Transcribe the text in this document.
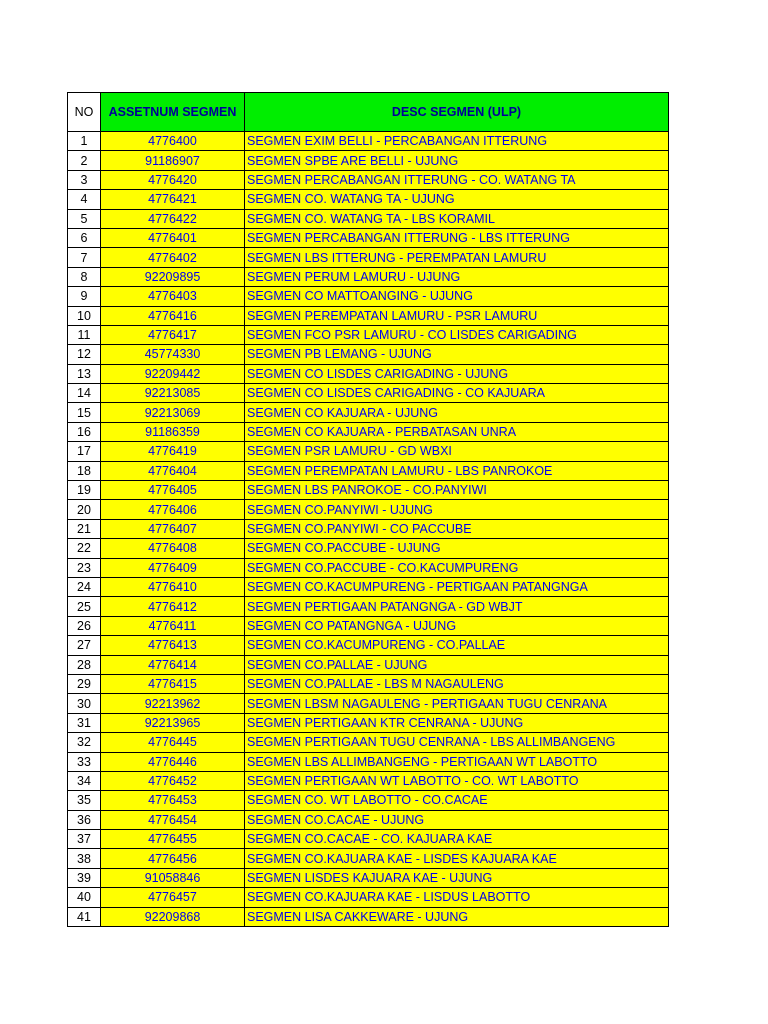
NO	ASSETNUM SEGMEN	DESC SEGMEN (ULP)
1	4776400	SEGMEN EXIM BELLI - PERCABANGAN ITTERUNG
2	91186907	SEGMEN SPBE ARE BELLI - UJUNG
3	4776420	SEGMEN PERCABANGAN ITTERUNG - CO. WATANG TA
4	4776421	SEGMEN CO. WATANG TA - UJUNG
5	4776422	SEGMEN CO. WATANG TA - LBS KORAMIL
6	4776401	SEGMEN PERCABANGAN ITTERUNG - LBS ITTERUNG
7	4776402	SEGMEN LBS ITTERUNG - PEREMPATAN LAMURU
8	92209895	SEGMEN PERUM LAMURU - UJUNG
9	4776403	SEGMEN CO MATTOANGING - UJUNG
10	4776416	SEGMEN PEREMPATAN LAMURU - PSR LAMURU
11	4776417	SEGMEN FCO PSR LAMURU - CO LISDES CARIGADING
12	45774330	SEGMEN PB LEMANG - UJUNG
13	92209442	SEGMEN CO LISDES CARIGADING - UJUNG
14	92213085	SEGMEN CO LISDES CARIGADING - CO KAJUARA
15	92213069	SEGMEN CO KAJUARA - UJUNG
16	91186359	SEGMEN CO KAJUARA - PERBATASAN UNRA
17	4776419	SEGMEN PSR LAMURU - GD WBXI
18	4776404	SEGMEN PEREMPATAN LAMURU - LBS PANROKOE
19	4776405	SEGMEN LBS PANROKOE - CO.PANYIWI
20	4776406	SEGMEN CO.PANYIWI - UJUNG
21	4776407	SEGMEN CO.PANYIWI - CO PACCUBE
22	4776408	SEGMEN CO.PACCUBE - UJUNG
23	4776409	SEGMEN CO.PACCUBE - CO.KACUMPURENG
24	4776410	SEGMEN CO.KACUMPURENG - PERTIGAAN PATANGNGA
25	4776412	SEGMEN PERTIGAAN PATANGNGA - GD WBJT
26	4776411	SEGMEN CO PATANGNGA - UJUNG
27	4776413	SEGMEN CO.KACUMPURENG - CO.PALLAE
28	4776414	SEGMEN CO.PALLAE - UJUNG
29	4776415	SEGMEN CO.PALLAE - LBS M NAGAULENG
30	92213962	SEGMEN LBSM NAGAULENG - PERTIGAAN TUGU CENRANA
31	92213965	SEGMEN PERTIGAAN KTR CENRANA - UJUNG
32	4776445	SEGMEN PERTIGAAN TUGU CENRANA - LBS ALLIMBANGENG
33	4776446	SEGMEN LBS ALLIMBANGENG - PERTIGAAN WT LABOTTO
34	4776452	SEGMEN PERTIGAAN WT LABOTTO - CO. WT LABOTTO
35	4776453	SEGMEN CO. WT LABOTTO - CO.CACAE
36	4776454	SEGMEN CO.CACAE - UJUNG
37	4776455	SEGMEN CO.CACAE - CO. KAJUARA KAE
38	4776456	SEGMEN CO.KAJUARA KAE - LISDES KAJUARA KAE
39	91058846	SEGMEN LISDES KAJUARA KAE - UJUNG
40	4776457	SEGMEN CO.KAJUARA KAE - LISDUS LABOTTO
41	92209868	SEGMEN LISA CAKKEWARE - UJUNG
